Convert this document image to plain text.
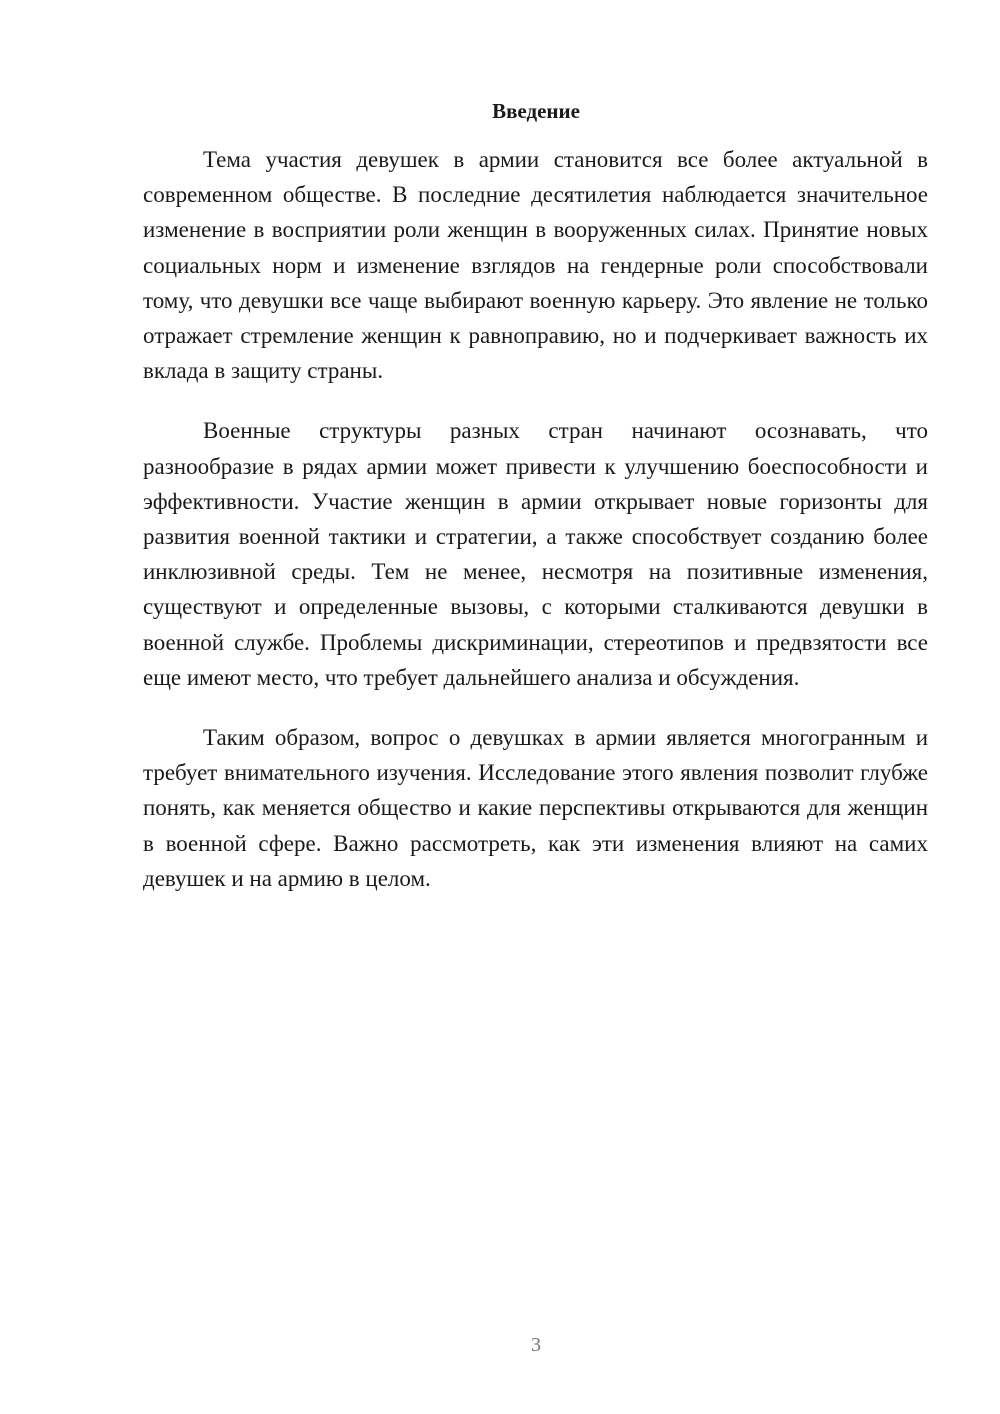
Введение

Тема участия девушек в армии становится все более актуальной в современном обществе. В последние десятилетия наблюдается значительное изменение в восприятии роли женщин в вооруженных силах. Принятие новых социальных норм и изменение взглядов на гендерные роли способствовали тому, что девушки все чаще выбирают военную карьеру. Это явление не только отражает стремление женщин к равноправию, но и подчеркивает важность их вклада в защиту страны.

Военные структуры разных стран начинают осознавать, что разнообразие в рядах армии может привести к улучшению боеспособности и эффективности. Участие женщин в армии открывает новые горизонты для развития военной тактики и стратегии, а также способствует созданию более инклюзивной среды. Тем не менее, несмотря на позитивные изменения, существуют и определенные вызовы, с которыми сталкиваются девушки в военной службе. Проблемы дискриминации, стереотипов и предвзятости все еще имеют место, что требует дальнейшего анализа и обсуждения.

Таким образом, вопрос о девушках в армии является многогранным и требует внимательного изучения. Исследование этого явления позволит глубже понять, как меняется общество и какие перспективы открываются для женщин в военной сфере. Важно рассмотреть, как эти изменения влияют на самих девушек и на армию в целом.

3
